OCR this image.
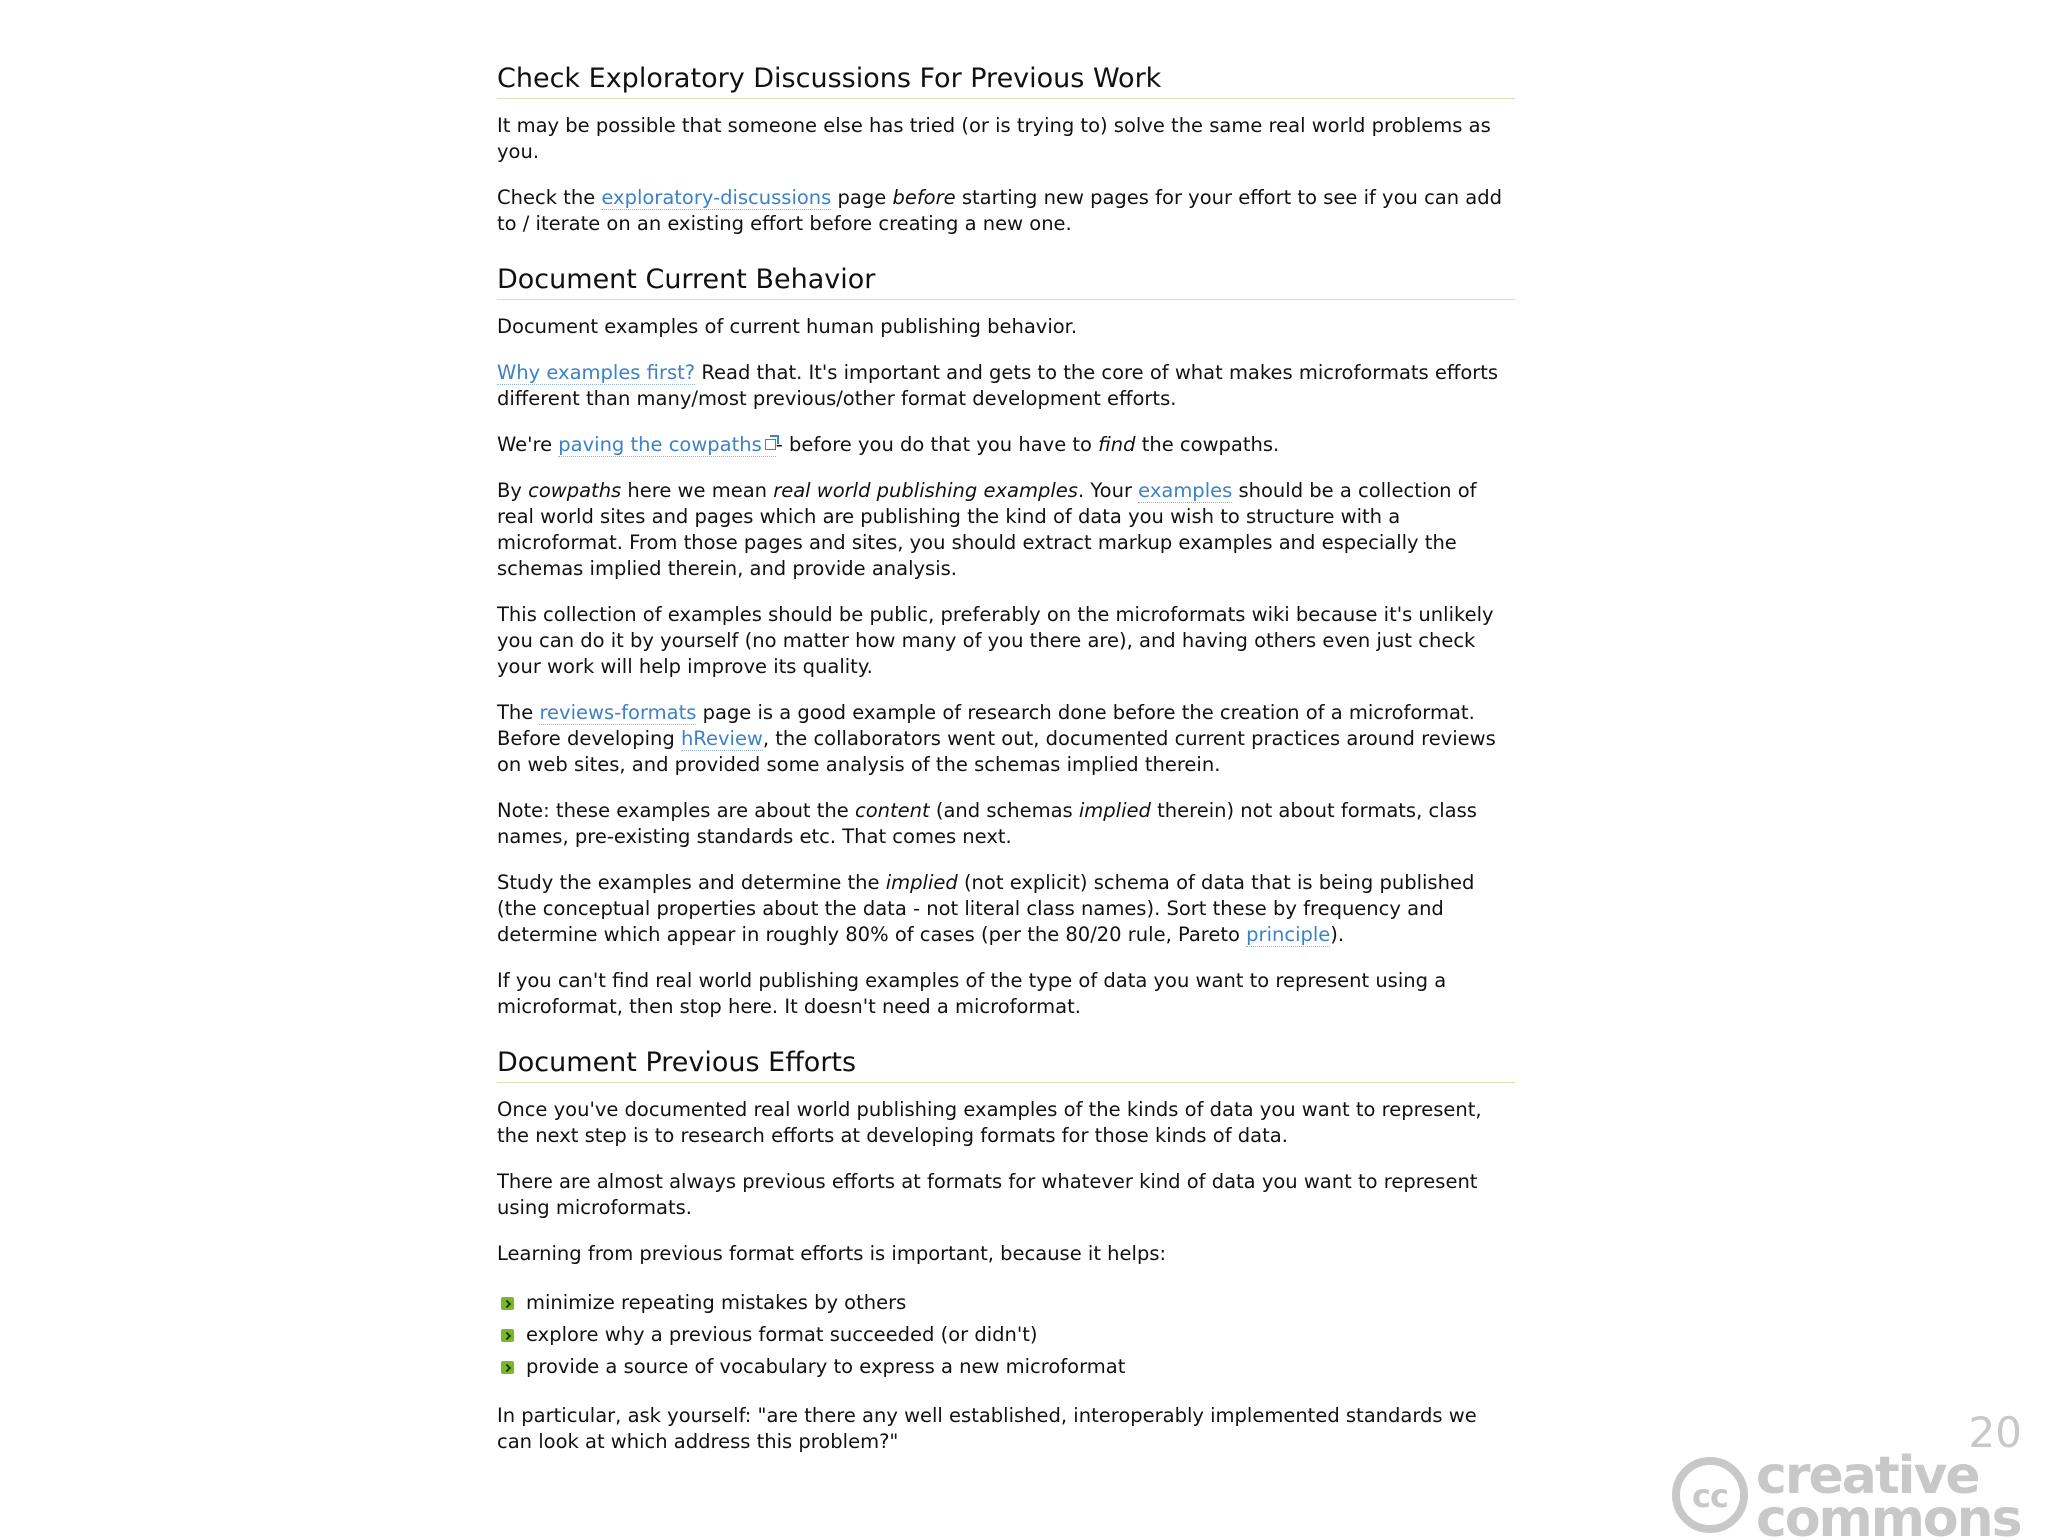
Check Exploratory Discussions For Previous Work

It may be possible that someone else has tried (or is trying to) solve the same real world problems as you.

Check the exploratory-discussions page before starting new pages for your effort to see if you can add to / iterate on an existing effort before creating a new one.

Document Current Behavior

Document examples of current human publishing behavior.

Why examples first? Read that. It's important and gets to the core of what makes microformats efforts different than many/most previous/other format development efforts.

We're paving the cowpaths - before you do that you have to find the cowpaths.

By cowpaths here we mean real world publishing examples. Your examples should be a collection of real world sites and pages which are publishing the kind of data you wish to structure with a microformat. From those pages and sites, you should extract markup examples and especially the schemas implied therein, and provide analysis.

This collection of examples should be public, preferably on the microformats wiki because it's unlikely you can do it by yourself (no matter how many of you there are), and having others even just check your work will help improve its quality.

The reviews-formats page is a good example of research done before the creation of a microformat. Before developing hReview, the collaborators went out, documented current practices around reviews on web sites, and provided some analysis of the schemas implied therein.

Note: these examples are about the content (and schemas implied therein) not about formats, class names, pre-existing standards etc. That comes next.

Study the examples and determine the implied (not explicit) schema of data that is being published (the conceptual properties about the data - not literal class names). Sort these by frequency and determine which appear in roughly 80% of cases (per the 80/20 rule, Pareto principle).

If you can't find real world publishing examples of the type of data you want to represent using a microformat, then stop here. It doesn't need a microformat.

Document Previous Efforts

Once you've documented real world publishing examples of the kinds of data you want to represent, the next step is to research efforts at developing formats for those kinds of data.

There are almost always previous efforts at formats for whatever kind of data you want to represent using microformats.

Learning from previous format efforts is important, because it helps:

minimize repeating mistakes by others
explore why a previous format succeeded (or didn't)
provide a source of vocabulary to express a new microformat

In particular, ask yourself: "are there any well established, interoperably implemented standards we can look at which address this problem?"	20
cc creative
commons
